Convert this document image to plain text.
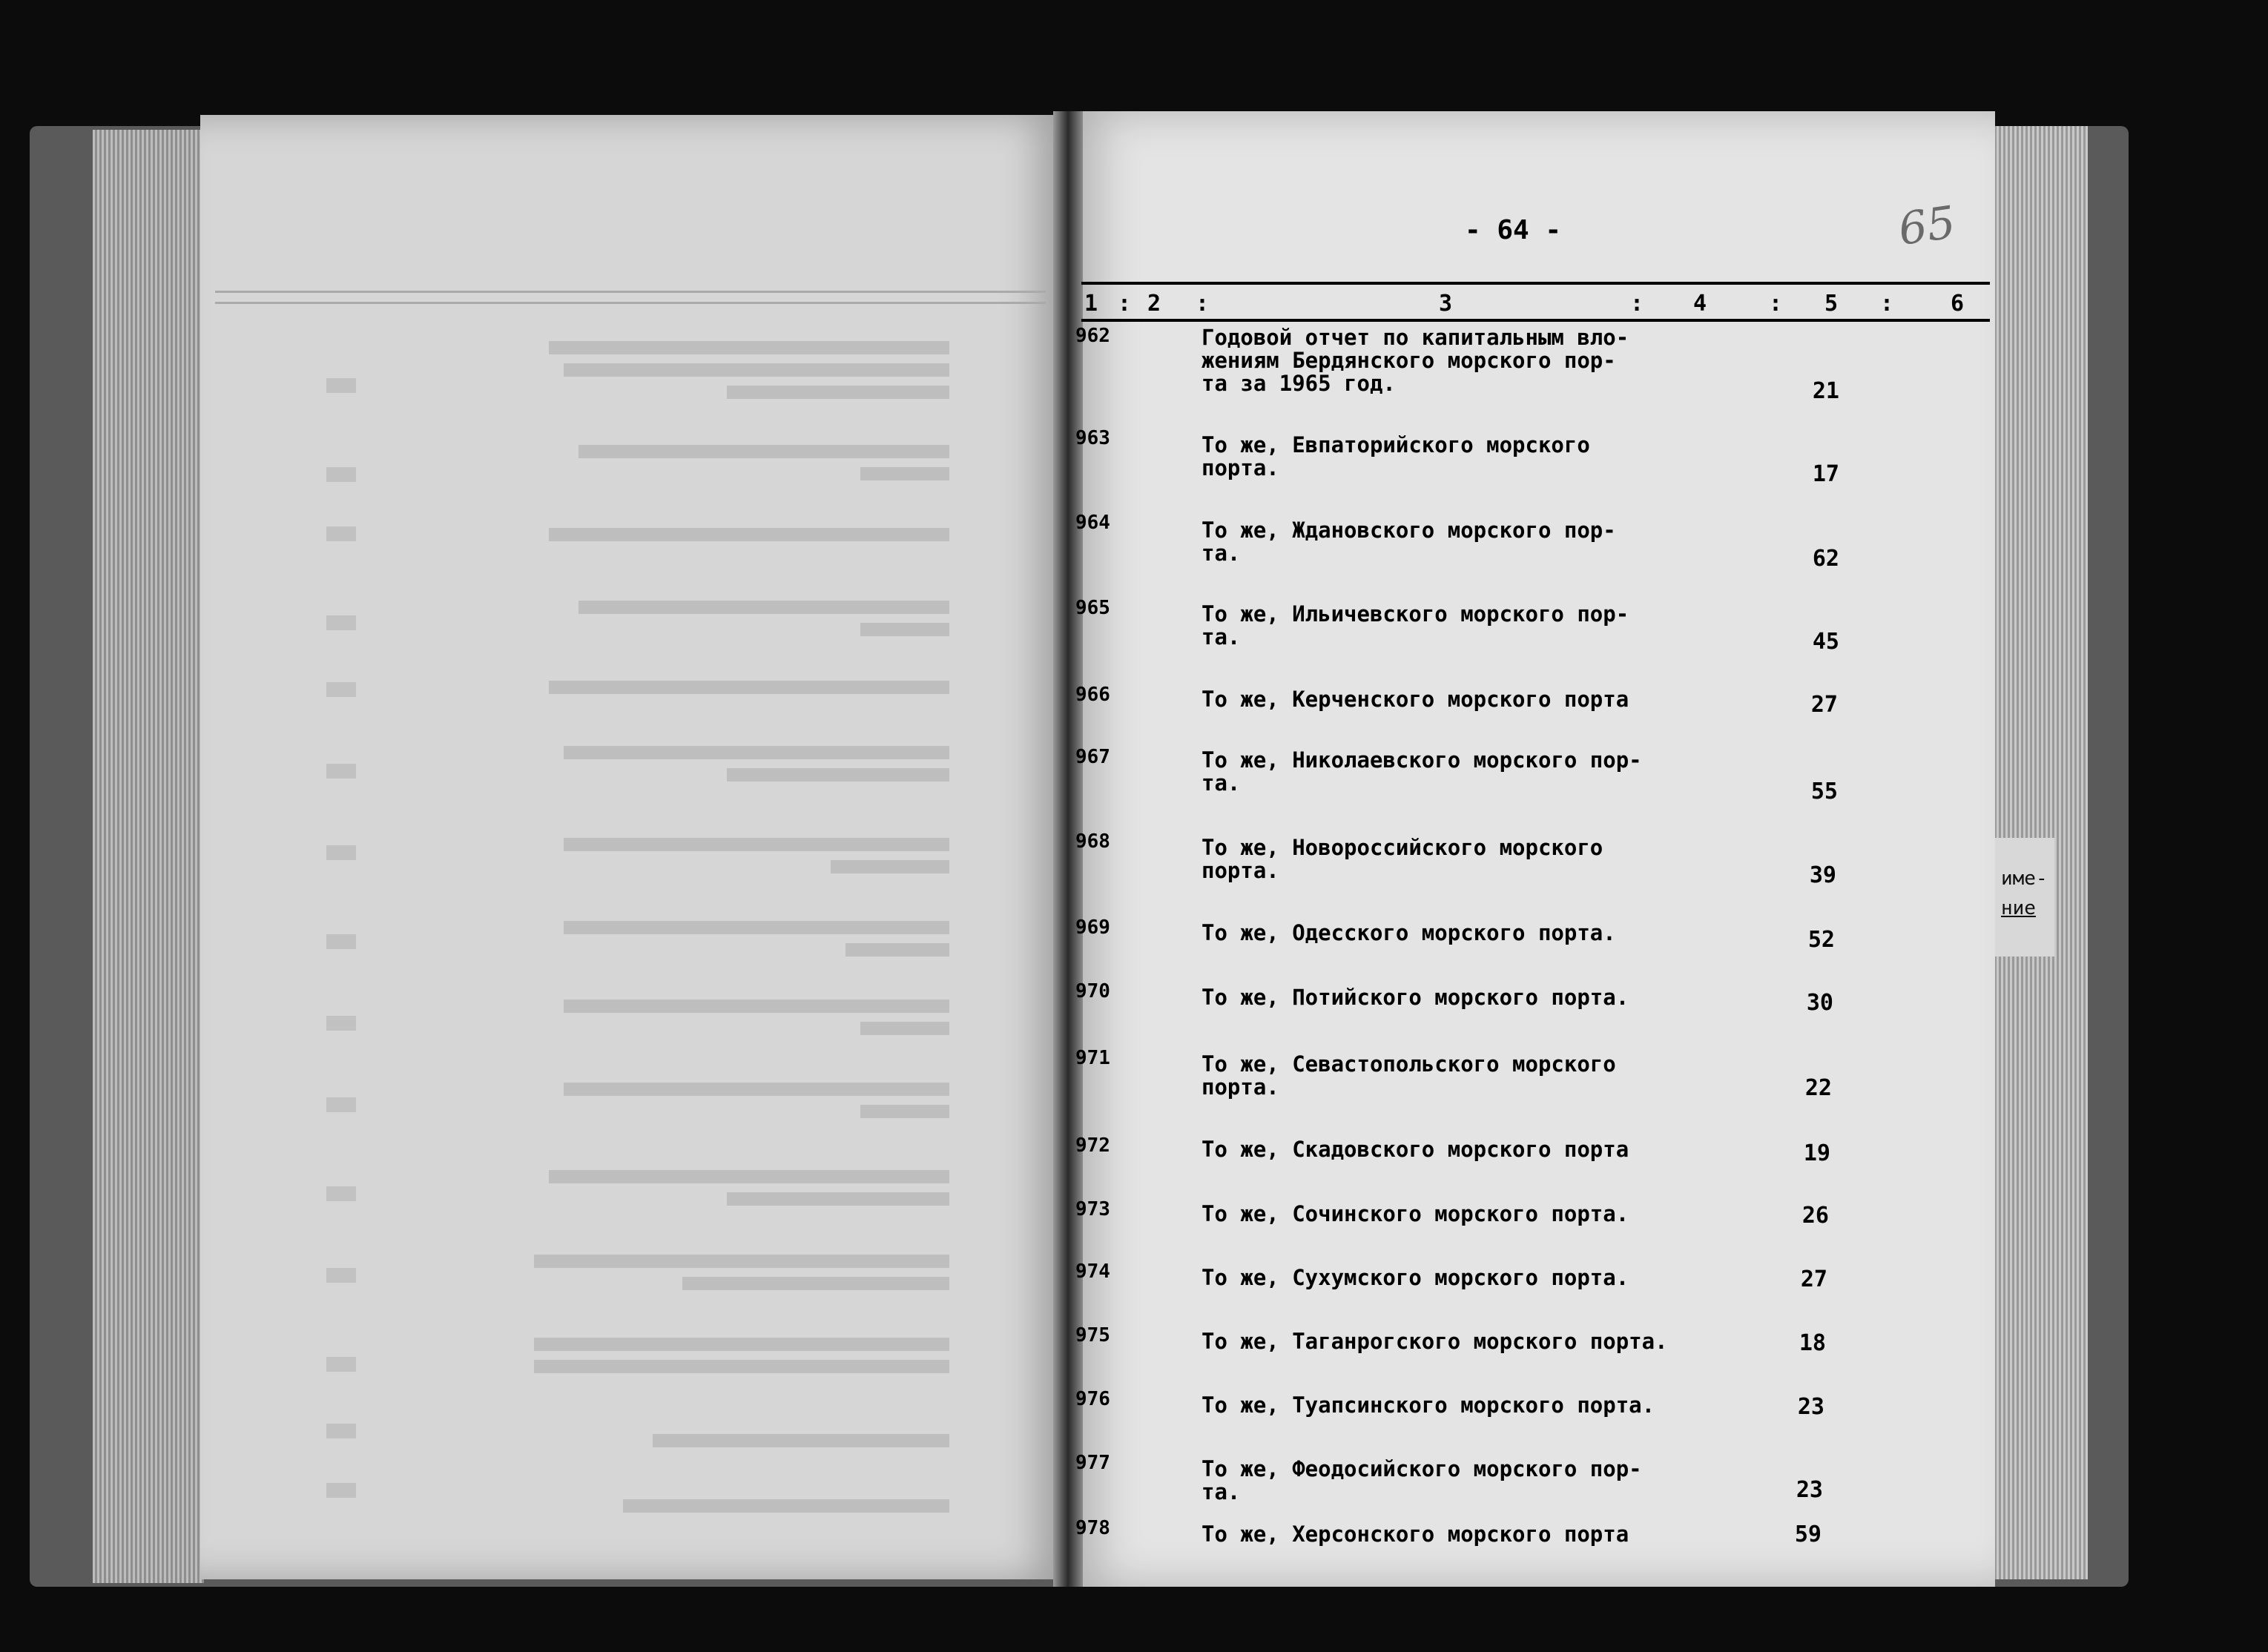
име-
ние
- 64 -	65
1 : 2 :	3	: 4	: 5 :	6
962	Годовой отчет по капитальным вло-
жениям Бердянского морского пор-
та за 1965 год.	21
963	То же, Евпаторийского морского
порта.	17
964	То же, Ждановского морского пор-
та.	62
965	То же, Ильичевского морского пор-
та.	45
966	То же, Керченского морского порта	27
967	То же, Николаевского морского пор-
та.	55
968	То же, Новороссийского морского
порта.	39
969	То же, Одесского морского порта.	52
970	То же, Потийского морского порта.	30
971	То же, Севастопольского морского
порта.	22
972	То же, Скадовского морского порта	19
973	То же, Сочинского морского порта.	26
974	То же, Сухумского морского порта.	27
975	То же, Таганрогского морского порта.	18
976	То же, Туапсинского морского порта.	23
977	То же, Феодосийского морского пор-
та.	23
978	То же, Херсонского морского порта	59
